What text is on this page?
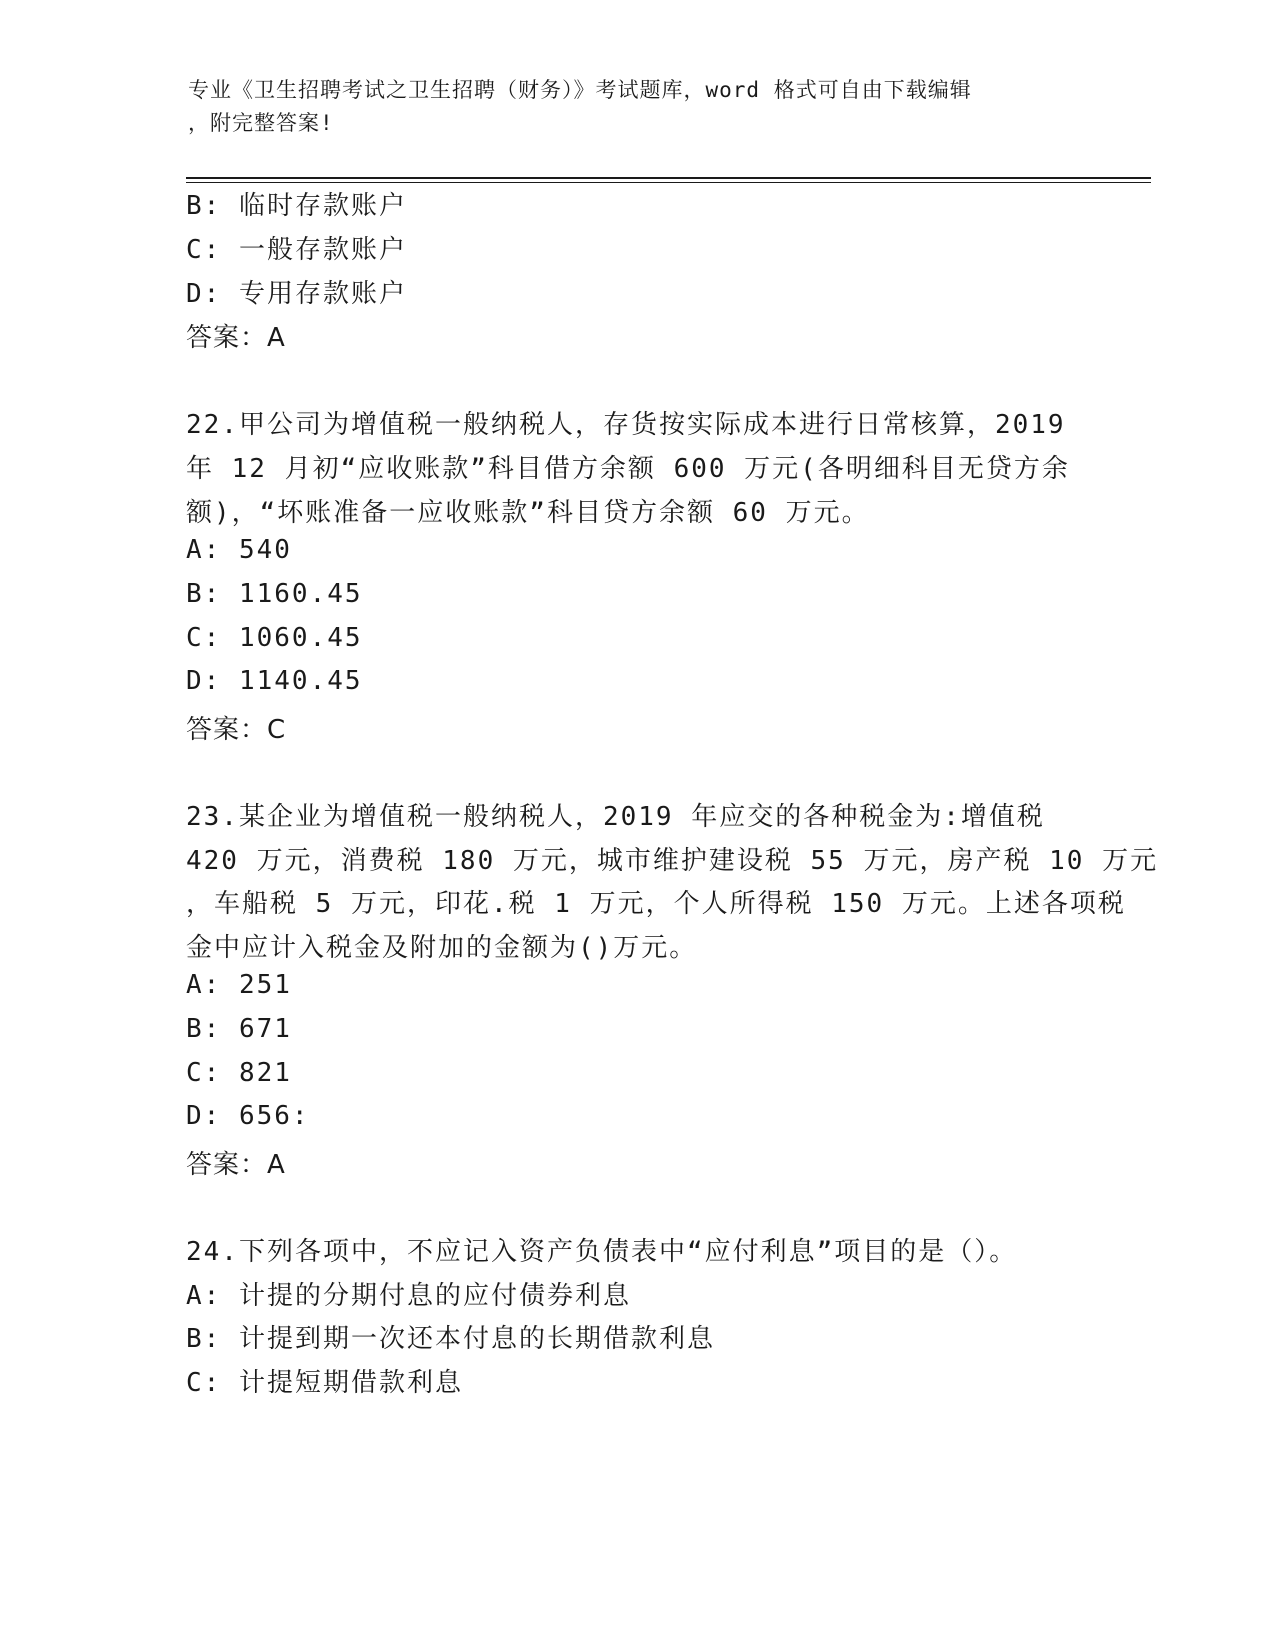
专业《卫生招聘考试之卫生招聘（财务）》考试题库，word 格式可自由下载编辑
，附完整答案!
B: 临时存款账户
C: 一般存款账户
D: 专用存款账户
答案：A
22.甲公司为增值税一般纳税人，存货按实际成本进行日常核算，2019
年 12 月初“应收账款”科目借方余额 600 万元(各明细科目无贷方余
额)，“坏账准备一应收账款”科目贷方余额 60 万元。
A: 540
B: 1160.45
C: 1060.45
D: 1140.45
答案：C
23.某企业为增值税一般纳税人，2019 年应交的各种税金为:增值税
420 万元，消费税 180 万元，城市维护建设税 55 万元，房产税 10 万元
，车船税 5 万元，印花.税 1 万元，个人所得税 150 万元。上述各项税
金中应计入税金及附加的金额为()万元。
A: 251
B: 671
C: 821
D: 656:
答案：A
24.下列各项中，不应记入资产负债表中“应付利息”项目的是（）。
A: 计提的分期付息的应付债券利息
B: 计提到期一次还本付息的长期借款利息
C: 计提短期借款利息
